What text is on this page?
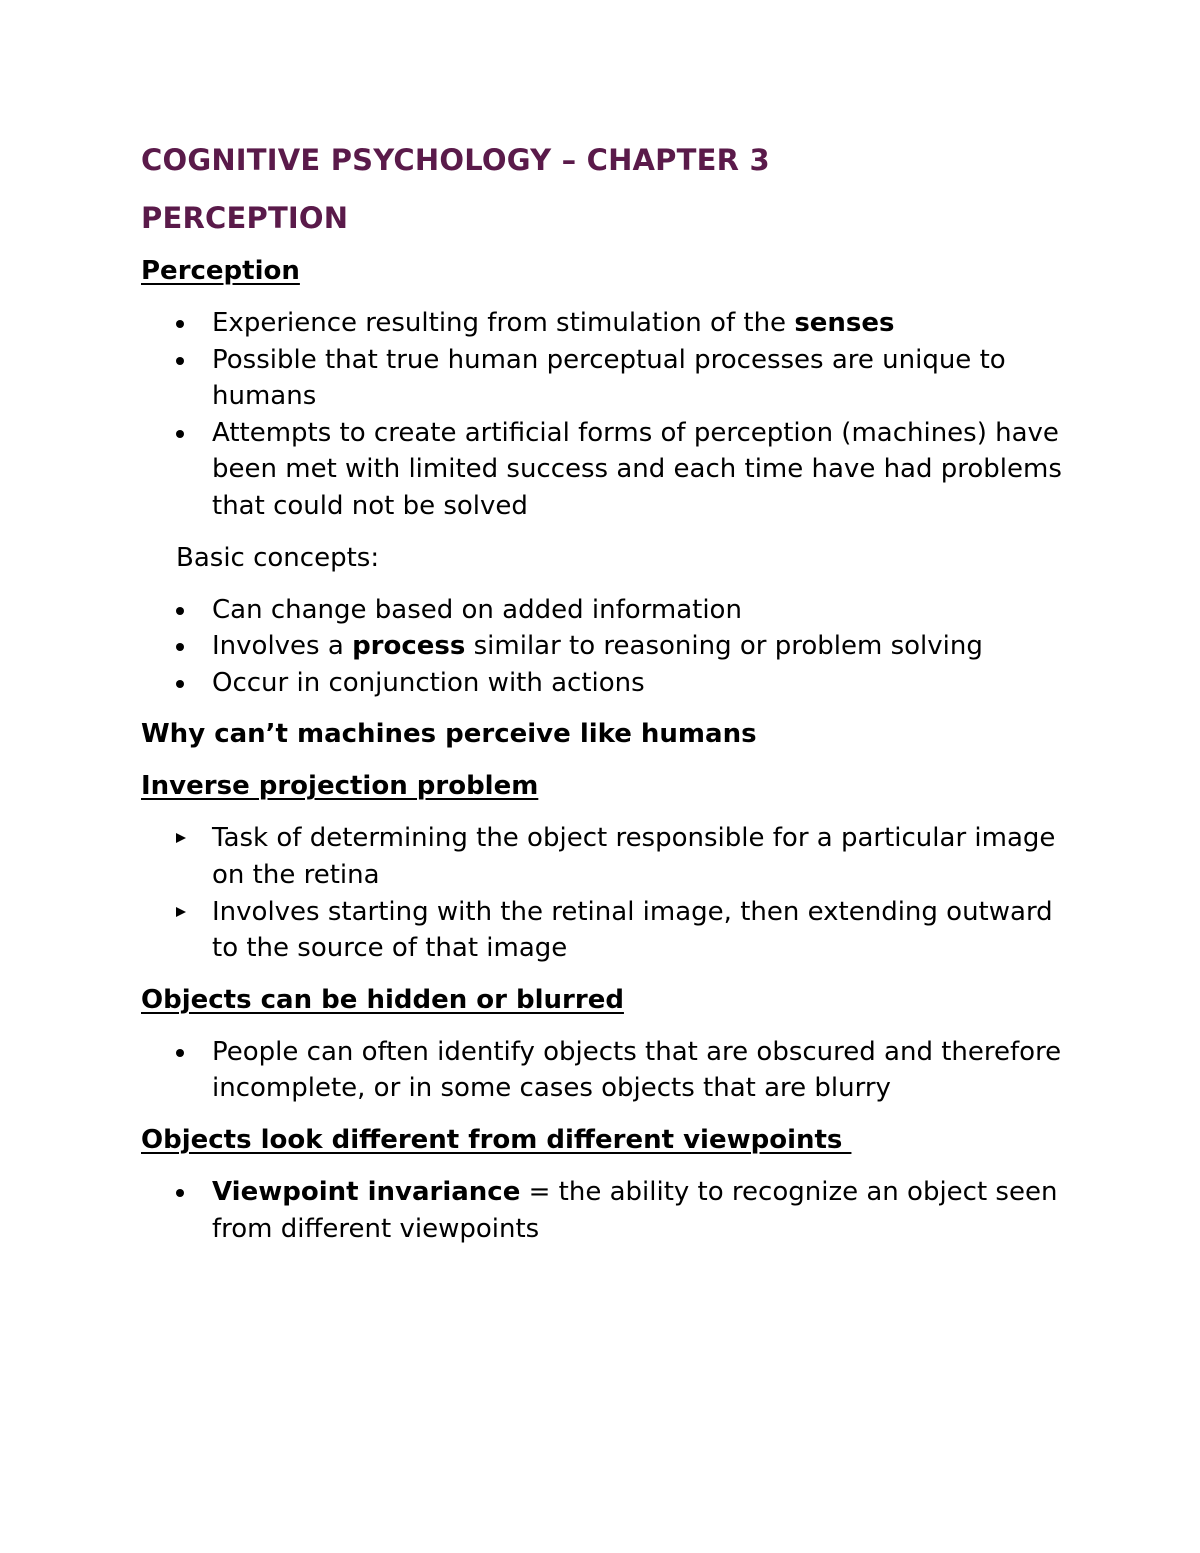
COGNITIVE PSYCHOLOGY – CHAPTER 3
PERCEPTION
Perception
Experience resulting from stimulation of the senses
Possible that true human perceptual processes are unique to humans
Attempts to create artificial forms of perception (machines) have been met with limited success and each time have had problems that could not be solved

Basic concepts:

Can change based on added information
Involves a process similar to reasoning or problem solving
Occur in conjunction with actions
Why can’t machines perceive like humans
Inverse projection problem
Task of determining the object responsible for a particular image on the retina
Involves starting with the retinal image, then extending outward to the source of that image
Objects can be hidden or blurred
People can often identify objects that are obscured and therefore incomplete, or in some cases objects that are blurry
Objects look different from different viewpoints
Viewpoint invariance = the ability to recognize an object seen from different viewpoints
